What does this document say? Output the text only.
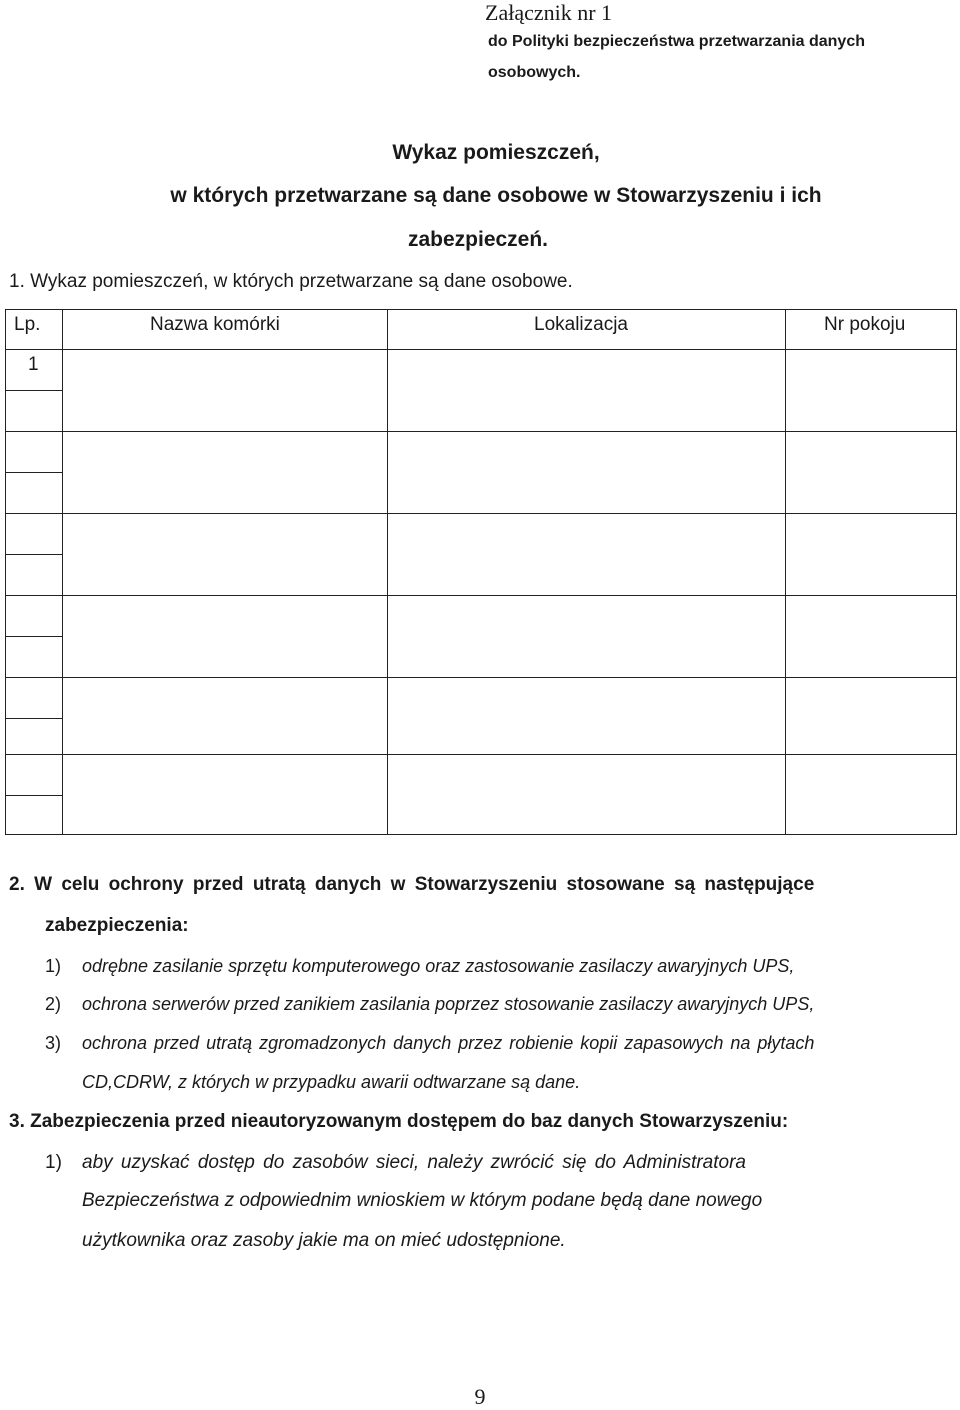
Załącznik nr 1
do Polityki bezpieczeństwa przetwarzania danych
osobowych.
Wykaz pomieszczeń,
w których przetwarzane są dane osobowe w Stowarzyszeniu i ich
zabezpieczeń.
1. Wykaz pomieszczeń, w których przetwarzane są dane osobowe.
Lp.	Nazwa komórki	Lokalizacja	Nr pokoju
1
2. W celu ochrony przed utratą danych w Stowarzyszeniu stosowane są następujące
zabezpieczenia:
1) odrębne zasilanie sprzętu komputerowego oraz zastosowanie zasilaczy awaryjnych UPS,
2) ochrona serwerów przed zanikiem zasilania poprzez stosowanie zasilaczy awaryjnych UPS,
3) ochrona przed utratą zgromadzonych danych przez robienie kopii zapasowych na płytach
CD,CDRW, z których w przypadku awarii odtwarzane są dane.
3. Zabezpieczenia przed nieautoryzowanym dostępem do baz danych Stowarzyszeniu:
1) aby uzyskać dostęp do zasobów sieci, należy zwrócić się do Administratora
Bezpieczeństwa z odpowiednim wnioskiem w którym podane będą dane nowego
użytkownika oraz zasoby jakie ma on mieć udostępnione.
9
